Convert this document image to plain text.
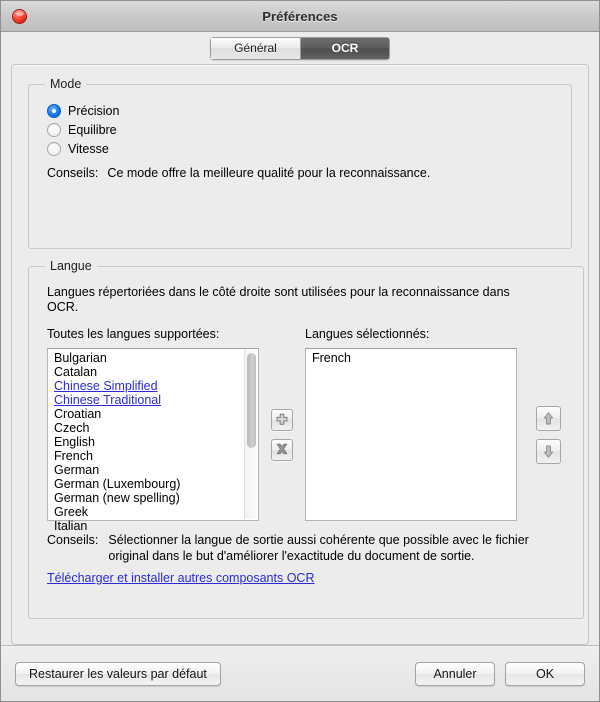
Préférences
Général	OCR
Mode
Précision
Equilibre
Vitesse
Conseils: Ce mode offre la meilleure qualité pour la reconnaissance.
Langue
Langues répertoriées dans le côté droite sont utilisées pour la reconnaissance dans OCR.
Toutes les langues supportées:
Bulgarian
Catalan
Chinese Simplified
Chinese Traditional
Croatian
Czech
English
French
German
German (Luxembourg)
German (new spelling)
Greek
Italian
Langues sélectionnés:
French
Conseils: Sélectionner la langue de sortie aussi cohérente que possible avec le fichier original dans le but d'améliorer l'exactitude du document de sortie.
Télécharger et installer autres composants OCR
Restaurer les valeurs par défaut	Annuler	OK
